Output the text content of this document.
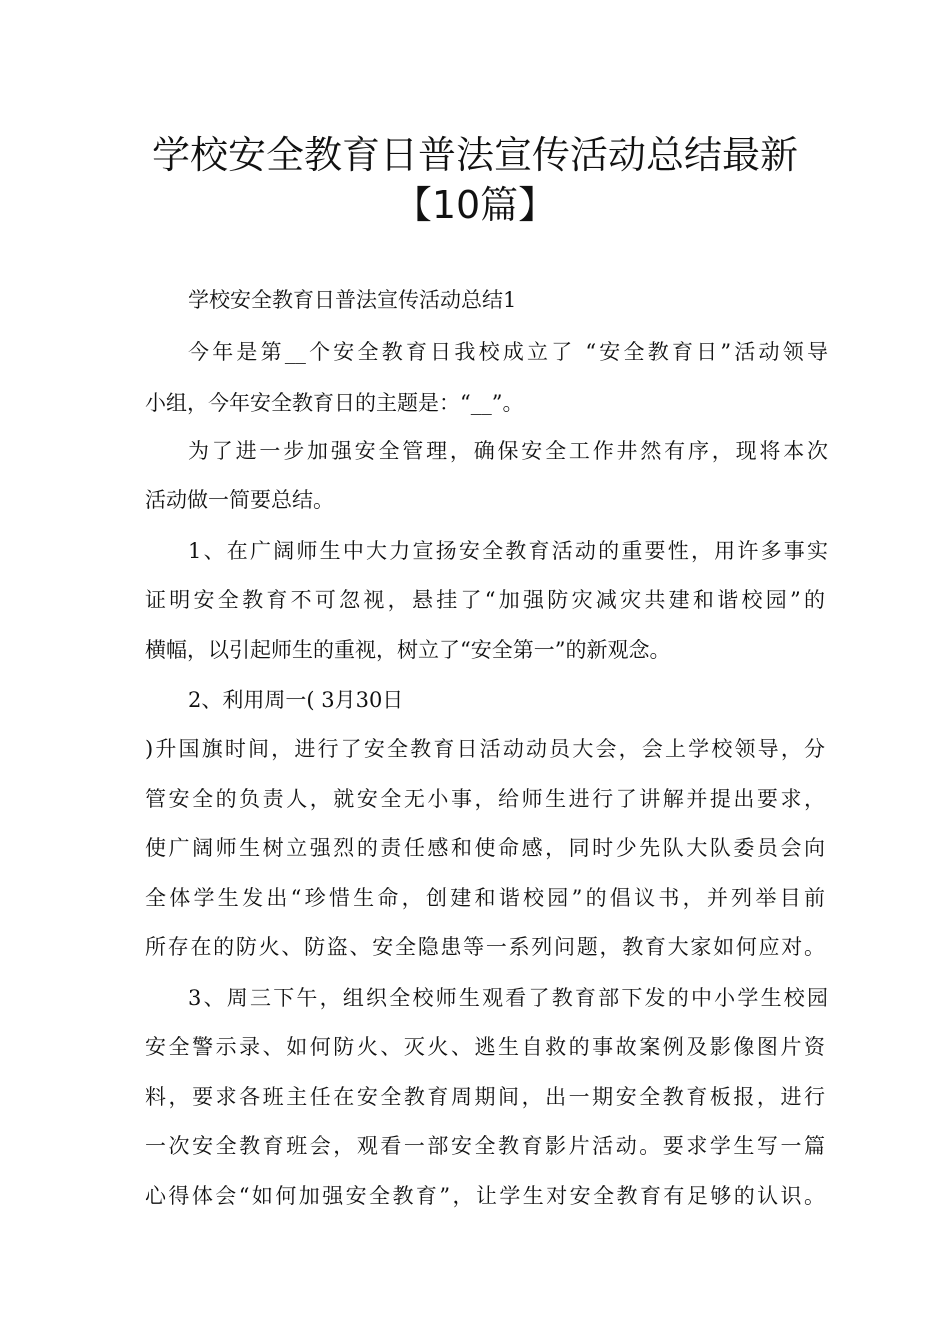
学校安全教育日普法宣传活动总结最新
【10篇】
学校安全教育日普法宣传活动总结1
今年是第__个安全教育日我校成立了 “安全教育日”活动领导
小组，今年安全教育日的主题是：“__”。
为了进一步加强安全管理，确保安全工作井然有序，现将本次
活动做一简要总结。
1、在广阔师生中大力宣扬安全教育活动的重要性，用许多事实
证明安全教育不可忽视，悬挂了“加强防灾减灾共建和谐校园”的
横幅，以引起师生的重视，树立了“安全第一”的新观念。
2、利用周一( 3月30日
)升国旗时间，进行了安全教育日活动动员大会，会上学校领导，分
管安全的负责人，就安全无小事，给师生进行了讲解并提出要求，
使广阔师生树立强烈的责任感和使命感，同时少先队大队委员会向
全体学生发出“珍惜生命，创建和谐校园”的倡议书，并列举目前
所存在的防火、防盗、安全隐患等一系列问题，教育大家如何应对。
3、周三下午，组织全校师生观看了教育部下发的中小学生校园
安全警示录、如何防火、灭火、逃生自救的事故案例及影像图片资
料，要求各班主任在安全教育周期间，出一期安全教育板报，进行
一次安全教育班会，观看一部安全教育影片活动。要求学生写一篇
心得体会“如何加强安全教育”，让学生对安全教育有足够的认识。
